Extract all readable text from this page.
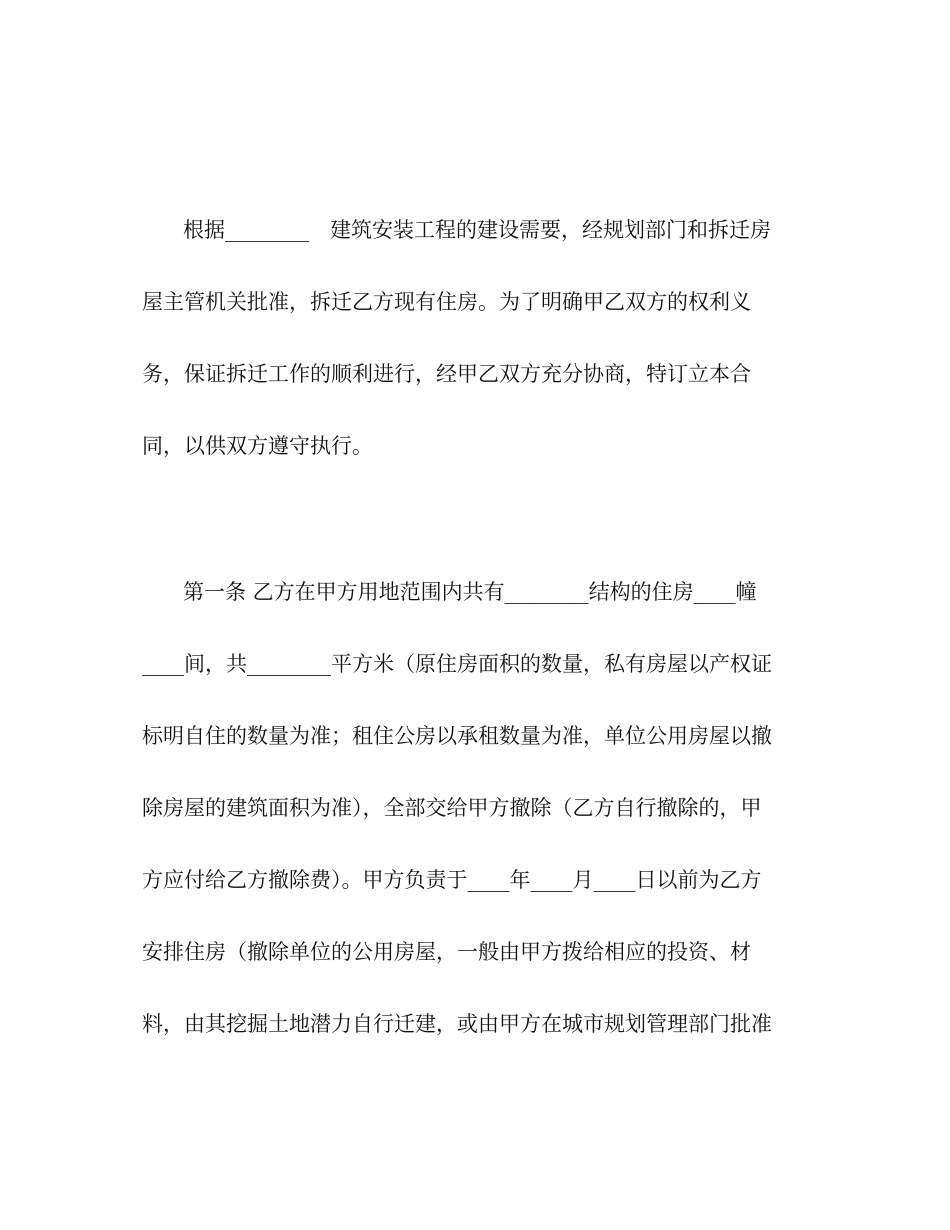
根据________　建筑安装工程的建设需要，经规划部门和拆迁房
屋主管机关批准，拆迁乙方现有住房。为了明确甲乙双方的权利义
务，保证拆迁工作的顺利进行，经甲乙双方充分协商，特订立本合
同，以供双方遵守执行。
第一条 乙方在甲方用地范围内共有________结构的住房____幢
____间，共________平方米（原住房面积的数量，私有房屋以产权证
标明自住的数量为准；租住公房以承租数量为准，单位公用房屋以撤
除房屋的建筑面积为准），全部交给甲方撤除（乙方自行撤除的，甲
方应付给乙方撤除费）。甲方负责于____年____月____日以前为乙方
安排住房（撤除单位的公用房屋，一般由甲方拨给相应的投资、材
料，由其挖掘土地潜力自行迁建，或由甲方在城市规划管理部门批准
